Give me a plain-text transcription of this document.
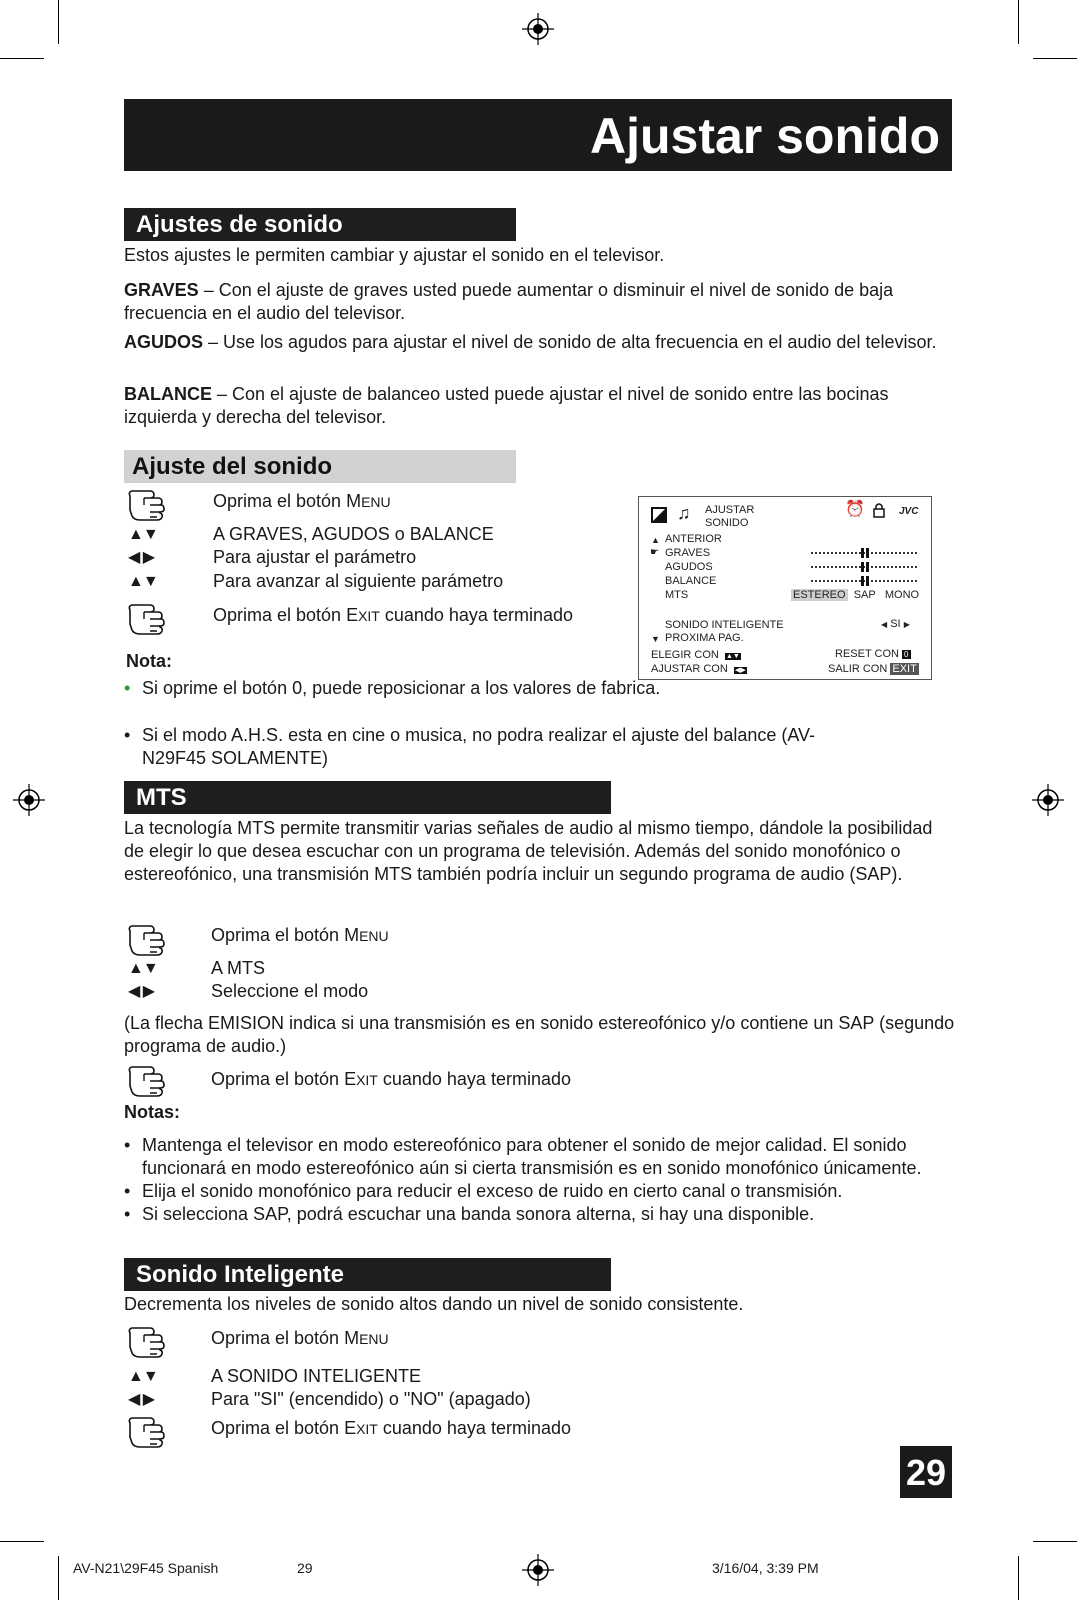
Ajustar sonido
Ajustes de sonido

Estos ajustes le permiten cambiar y ajustar el sonido en el televisor.

GRAVES – Con el ajuste de graves usted puede aumentar o disminuir el nivel de sonido de baja frecuencia en el audio del televisor.

AGUDOS – Use los agudos para ajustar el nivel de sonido de alta frecuencia en el audio del televisor.

BALANCE – Con el ajuste de balanceo usted puede ajustar el nivel de sonido entre las bocinas izquierda y derecha del televisor.

Ajuste del sonido
Oprima el botón MENU
▲▼	A GRAVES, AGUDOS o BALANCE
◀ ▶	Para ajustar el parámetro
▲▼	Para avanzar al siguiente parámetro
Oprima el botón EXIT cuando haya terminado
Nota:
• Si oprime el botón 0, puede reposicionar a los valores de fabrica.
• Si el modo A.H.S. esta en cine o musica, no podra realizar el ajuste del balance (AV-N29F45 SOLAMENTE)
♫ AJUSTAR
SONIDO
⏰	JVC
▲ ANTERIOR
☛ GRAVES
AGUDOS
BALANCE
MTS	ESTEREO SAP MONO
SONIDO INTELIGENTE	◀ SI ▶
▼ PROXIMA PAG.
ELEGIR CON ▲▼
AJUSTAR CON ◀▶
RESET CON 0
SALIR CON EXIT
MTS

La tecnología MTS permite transmitir varias señales de audio al mismo tiempo, dándole la posibilidad de elegir lo que desea escuchar con un programa de televisión. Además del sonido monofónico o estereofónico, una transmisión MTS también podría incluir un segundo programa de audio (SAP).

Oprima el botón MENU
▲▼	A MTS
◀ ▶	Seleccione el modo

(La flecha EMISION indica si una transmisión es en sonido estereofónico y/o contiene un SAP (segundo programa de audio.)

Oprima el botón EXIT cuando haya terminado
Notas:
• Mantenga el televisor en modo estereofónico para obtener el sonido de mejor calidad. El sonido funcionará en modo estereofónico aún si cierta transmisión es en sonido monofónico únicamente.
• Elija el sonido monofónico para reducir el exceso de ruido en cierto canal o transmisión.
• Si selecciona SAP, podrá escuchar una banda sonora alterna, si hay una disponible.
Sonido Inteligente

Decrementa los niveles de sonido altos dando un nivel de sonido consistente.

Oprima el botón MENU
▲▼	A SONIDO INTELIGENTE
◀ ▶	Para "SI" (encendido) o "NO" (apagado)
Oprima el botón EXIT cuando haya terminado
29
AV-N21\29F45 Spanish	29	3/16/04, 3:39 PM
